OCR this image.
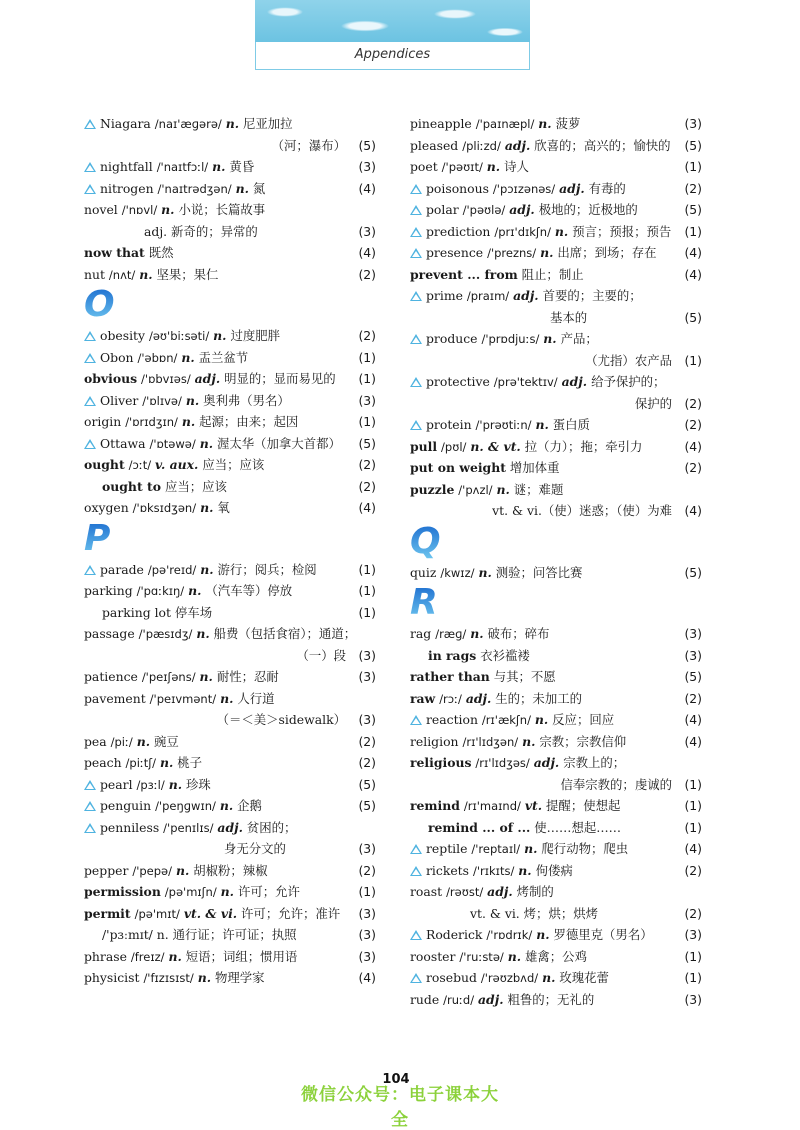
Appendices
Niagara /naɪ'æɡərə/ n. 尼亚加拉
（河；瀑布）	(5)
nightfall /'naɪtfɔːl/ n. 黄昏	(3)
nitrogen /'naɪtrədʒən/ n. 氮	(4)
novel /'nɒvl/ n. 小说；长篇故事
adj. 新奇的；异常的	(3)
now that 既然	(4)
nut /nʌt/ n. 坚果；果仁	(2)
O
obesity /əʊ'biːsəti/ n. 过度肥胖	(2)
Obon /'əbɒn/ n. 盂兰盆节	(1)
obvious /'ɒbvɪəs/ adj. 明显的；显而易见的	(1)
Oliver /'ɒlɪvə/ n. 奥利弗（男名）	(3)
origin /'ɒrɪdʒɪn/ n. 起源；由来；起因	(1)
Ottawa /'ɒtəwə/ n. 渥太华（加拿大首都）	(5)
ought /ɔːt/ v. aux. 应当；应该	(2)
ought to 应当；应该	(2)
oxygen /'ɒksɪdʒən/ n. 氧	(4)
P
parade /pə'reɪd/ n. 游行；阅兵；检阅	(1)
parking /'pɑːkɪŋ/ n. （汽车等）停放	(1)
parking lot 停车场	(1)
passage /'pæsɪdʒ/ n. 船费（包括食宿）；通道；
（一）段	(3)
patience /'peɪʃəns/ n. 耐性；忍耐	(3)
pavement /'peɪvmənt/ n. 人行道
（＝＜美＞sidewalk）	(3)
pea /piː/ n. 豌豆	(2)
peach /piːtʃ/ n. 桃子	(2)
pearl /pɜːl/ n. 珍珠	(5)
penguin /'peŋɡwɪn/ n. 企鹅	(5)
penniless /'penɪlɪs/ adj. 贫困的；
身无分文的	(3)
pepper /'pepə/ n. 胡椒粉；辣椒	(2)
permission /pə'mɪʃn/ n. 许可；允许	(1)
permit /pə'mɪt/ vt. & vi. 许可；允许；准许	(3)
/'pɜːmɪt/ n. 通行证；许可证；执照	(3)
phrase /freɪz/ n. 短语；词组；惯用语	(3)
physicist /'fɪzɪsɪst/ n. 物理学家	(4)
pineapple /'paɪnæpl/ n. 菠萝	(3)
pleased /pliːzd/ adj. 欣喜的；高兴的；愉快的	(5)
poet /'pəʊɪt/ n. 诗人	(1)
poisonous /'pɔɪzənəs/ adj. 有毒的	(2)
polar /'pəʊlə/ adj. 极地的；近极地的	(5)
prediction /prɪ'dɪkʃn/ n. 预言；预报；预告	(1)
presence /'prezns/ n. 出席；到场；存在	(4)
prevent ... from 阻止；制止	(4)
prime /praɪm/ adj. 首要的；主要的；
基本的	(5)
produce /'prɒdjuːs/ n. 产品；
（尤指）农产品	(1)
protective /prə'tektɪv/ adj. 给予保护的；
保护的	(2)
protein /'prəʊtiːn/ n. 蛋白质	(2)
pull /pʊl/ n. & vt. 拉（力）；拖；牵引力	(4)
put on weight 增加体重	(2)
puzzle /'pʌzl/ n. 谜；难题
vt. & vi.（使）迷惑；（使）为难	(4)
Q
quiz /kwɪz/ n. 测验；问答比赛	(5)
R
rag /ræɡ/ n. 破布；碎布	(3)
in rags 衣衫褴褛	(3)
rather than 与其；不愿	(5)
raw /rɔː/ adj. 生的；未加工的	(2)
reaction /rɪ'ækʃn/ n. 反应；回应	(4)
religion /rɪ'lɪdʒən/ n. 宗教；宗教信仰	(4)
religious /rɪ'lɪdʒəs/ adj. 宗教上的；
信奉宗教的；虔诚的	(1)
remind /rɪ'maɪnd/ vt. 提醒；使想起	(1)
remind ... of ... 使……想起……	(1)
reptile /'reptaɪl/ n. 爬行动物；爬虫	(4)
rickets /'rɪkɪts/ n. 佝偻病	(2)
roast /rəʊst/ adj. 烤制的
vt. & vi. 烤；烘；烘烤	(2)
Roderick /'rɒdrɪk/ n. 罗德里克（男名）	(3)
rooster /'ruːstə/ n. 雄禽；公鸡	(1)
rosebud /'rəʊzbʌd/ n. 玫瑰花蕾	(1)
rude /ruːd/ adj. 粗鲁的；无礼的	(3)
104
微信公众号：电子课本大全
